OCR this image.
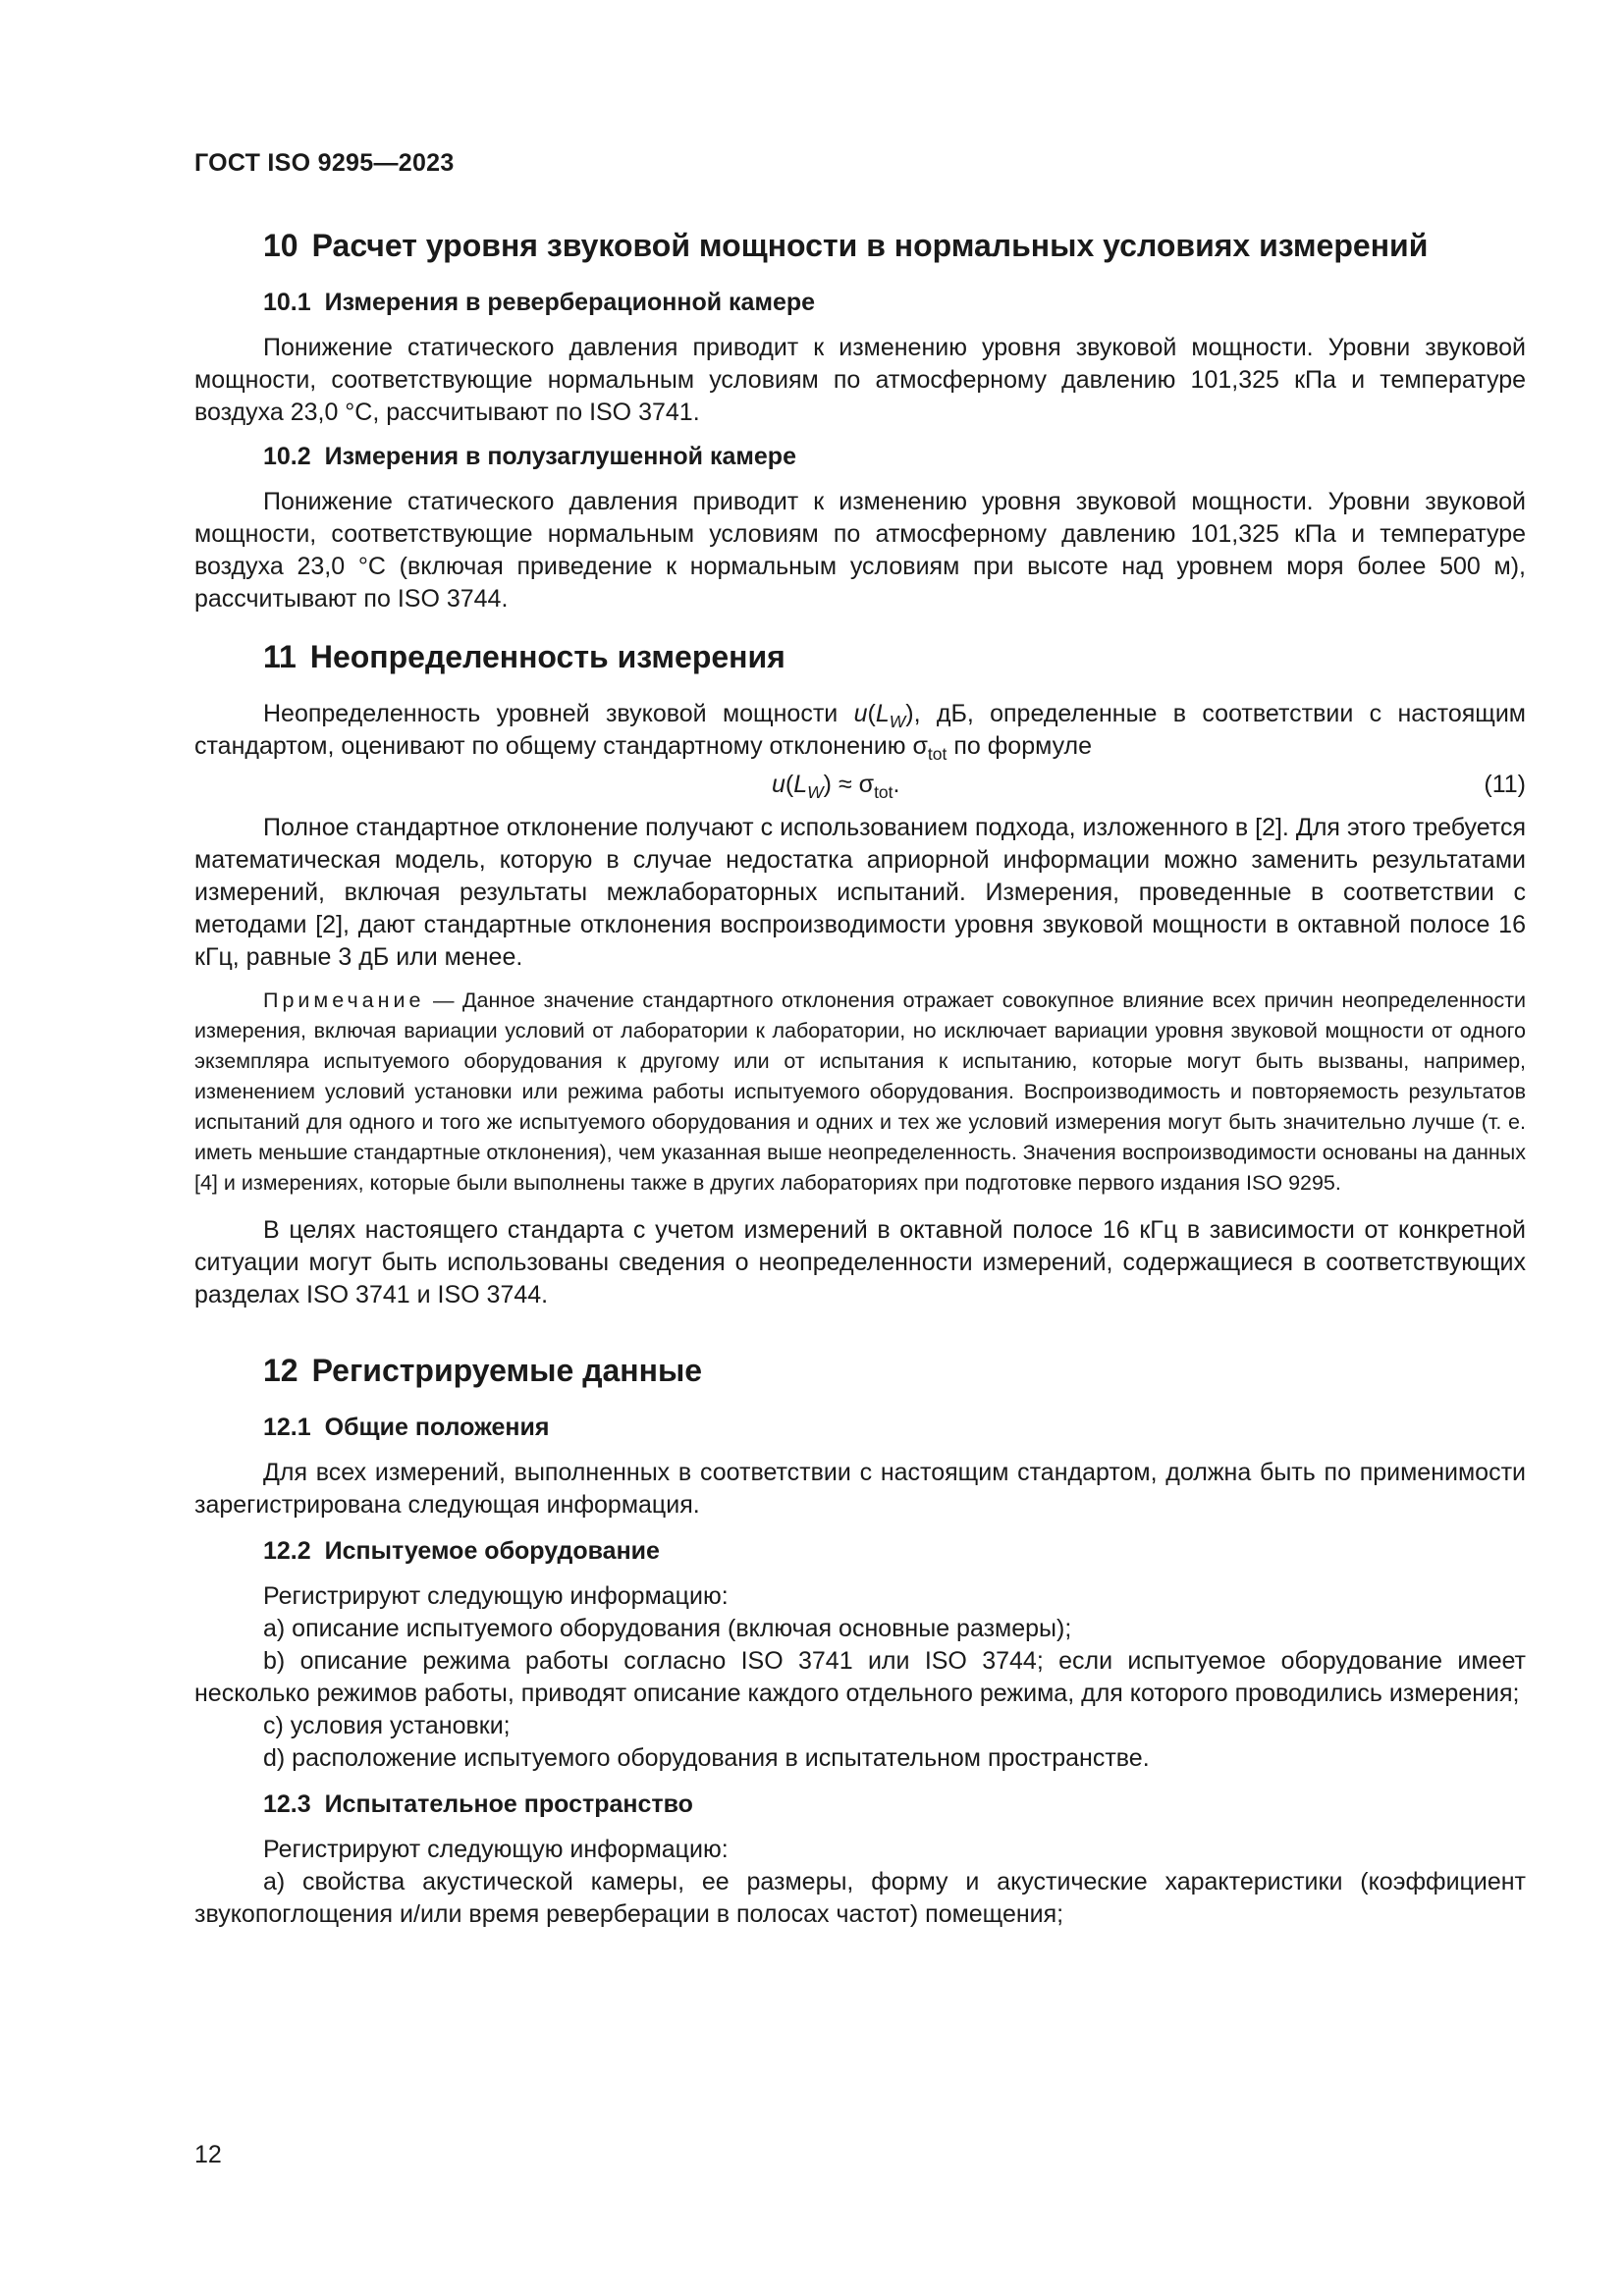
ГОСТ ISO 9295—2023
10 Расчет уровня звуковой мощности в нормальных условиях измерений
10.1 Измерения в реверберационной камере

Понижение статического давления приводит к изменению уровня звуковой мощности. Уровни звуковой мощности, соответствующие нормальным условиям по атмосферному давлению 101,325 кПа и температуре воздуха 23,0 °С, рассчитывают по ISO 3741.

10.2 Измерения в полузаглушенной камере

Понижение статического давления приводит к изменению уровня звуковой мощности. Уровни звуковой мощности, соответствующие нормальным условиям по атмосферному давлению 101,325 кПа и температуре воздуха 23,0 °С (включая приведение к нормальным условиям при высоте над уровнем моря более 500 м), рассчитывают по ISO 3744.

11 Неопределенность измерения

Неопределенность уровней звуковой мощности $u(L_W)$, дБ, определенные в соответствии с настоящим стандартом, оценивают по общему стандартному отклонению $\sigma_{tot}$ по формуле

$u(L_W) \approx \sigma_{tot}$.	(11)

Полное стандартное отклонение получают с использованием подхода, изложенного в [2]. Для этого требуется математическая модель, которую в случае недостатка априорной информации можно заменить результатами измерений, включая результаты межлабораторных испытаний. Измерения, проведенные в соответствии с методами [2], дают стандартные отклонения воспроизводимости уровня звуковой мощности в октавной полосе 16 кГц, равные 3 дБ или менее.

Примечание — Данное значение стандартного отклонения отражает совокупное влияние всех причин неопределенности измерения, включая вариации условий от лаборатории к лаборатории, но исключает вариации уровня звуковой мощности от одного экземпляра испытуемого оборудования к другому или от испытания к испытанию, которые могут быть вызваны, например, изменением условий установки или режима работы испытуемого оборудования. Воспроизводимость и повторяемость результатов испытаний для одного и того же испытуемого оборудования и одних и тех же условий измерения могут быть значительно лучше (т. е. иметь меньшие стандартные отклонения), чем указанная выше неопределенность. Значения воспроизводимости основаны на данных [4] и измерениях, которые были выполнены также в других лабораториях при подготовке первого издания ISO 9295.

В целях настоящего стандарта с учетом измерений в октавной полосе 16 кГц в зависимости от конкретной ситуации могут быть использованы сведения о неопределенности измерений, содержащиеся в соответствующих разделах ISO 3741 и ISO 3744.

12 Регистрируемые данные
12.1 Общие положения

Для всех измерений, выполненных в соответствии с настоящим стандартом, должна быть по применимости зарегистрирована следующая информация.

12.2 Испытуемое оборудование

Регистрируют следующую информацию:

a) описание испытуемого оборудования (включая основные размеры);

b) описание режима работы согласно ISO 3741 или ISO 3744; если испытуемое оборудование имеет несколько режимов работы, приводят описание каждого отдельного режима, для которого проводились измерения;

c) условия установки;

d) расположение испытуемого оборудования в испытательном пространстве.

12.3 Испытательное пространство

Регистрируют следующую информацию:

a) свойства акустической камеры, ее размеры, форму и акустические характеристики (коэффициент звукопоглощения и/или время реверберации в полосах частот) помещения;

12
